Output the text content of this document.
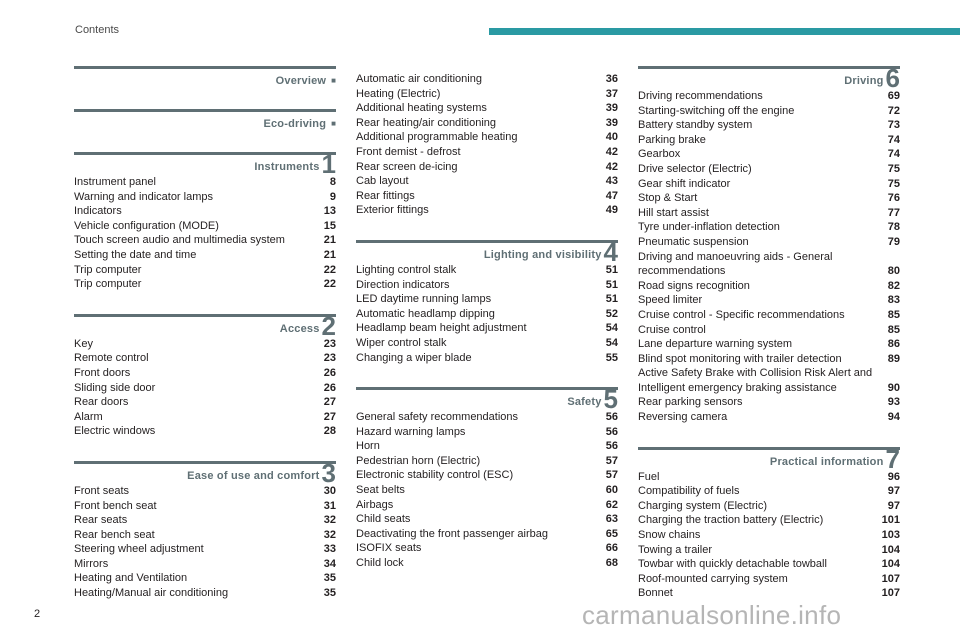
Contents
Overview ■
Eco-driving ■
Instruments 1
Instrument panel	8
Warning and indicator lamps	9
Indicators	13
Vehicle configuration (MODE)	15
Touch screen audio and multimedia system	21
Setting the date and time	21
Trip computer	22
Trip computer	22
Access 2
Key	23
Remote control	23
Front doors	26
Sliding side door	26
Rear doors	27
Alarm	27
Electric windows	28
Ease of use and comfort 3
Front seats	30
Front bench seat	31
Rear seats	32
Rear bench seat	32
Steering wheel adjustment	33
Mirrors	34
Heating and Ventilation	35
Heating/Manual air conditioning	35
Automatic air conditioning	36
Heating (Electric)	37
Additional heating systems	39
Rear heating/air conditioning	39
Additional programmable heating	40
Front demist - defrost	42
Rear screen de-icing	42
Cab layout	43
Rear fittings	47
Exterior fittings	49
Lighting and visibility 4
Lighting control stalk	51
Direction indicators	51
LED daytime running lamps	51
Automatic headlamp dipping	52
Headlamp beam height adjustment	54
Wiper control stalk	54
Changing a wiper blade	55
Safety 5
General safety recommendations	56
Hazard warning lamps	56
Horn	56
Pedestrian horn (Electric)	57
Electronic stability control (ESC)	57
Seat belts	60
Airbags	62
Child seats	63
Deactivating the front passenger airbag	65
ISOFIX seats	66
Child lock	68
Driving 6
Driving recommendations	69
Starting-switching off the engine	72
Battery standby system	73
Parking brake	74
Gearbox	74
Drive selector (Electric)	75
Gear shift indicator	75
Stop & Start	76
Hill start assist	77
Tyre under-inflation detection	78
Pneumatic suspension	79
Driving and manoeuvring aids - General recommendations	80
Road signs recognition	82
Speed limiter	83
Cruise control - Specific recommendations	85
Cruise control	85
Lane departure warning system	86
Blind spot monitoring with trailer detection	89
Active Safety Brake with Collision Risk Alert and Intelligent emergency braking assistance	90
Rear parking sensors	93
Reversing camera	94
Practical information 7
Fuel	96
Compatibility of fuels	97
Charging system (Electric)	97
Charging the traction battery (Electric)	101
Snow chains	103
Towing a trailer	104
Towbar with quickly detachable towball	104
Roof-mounted carrying system	107
Bonnet	107
2	carmanualsonline.info
